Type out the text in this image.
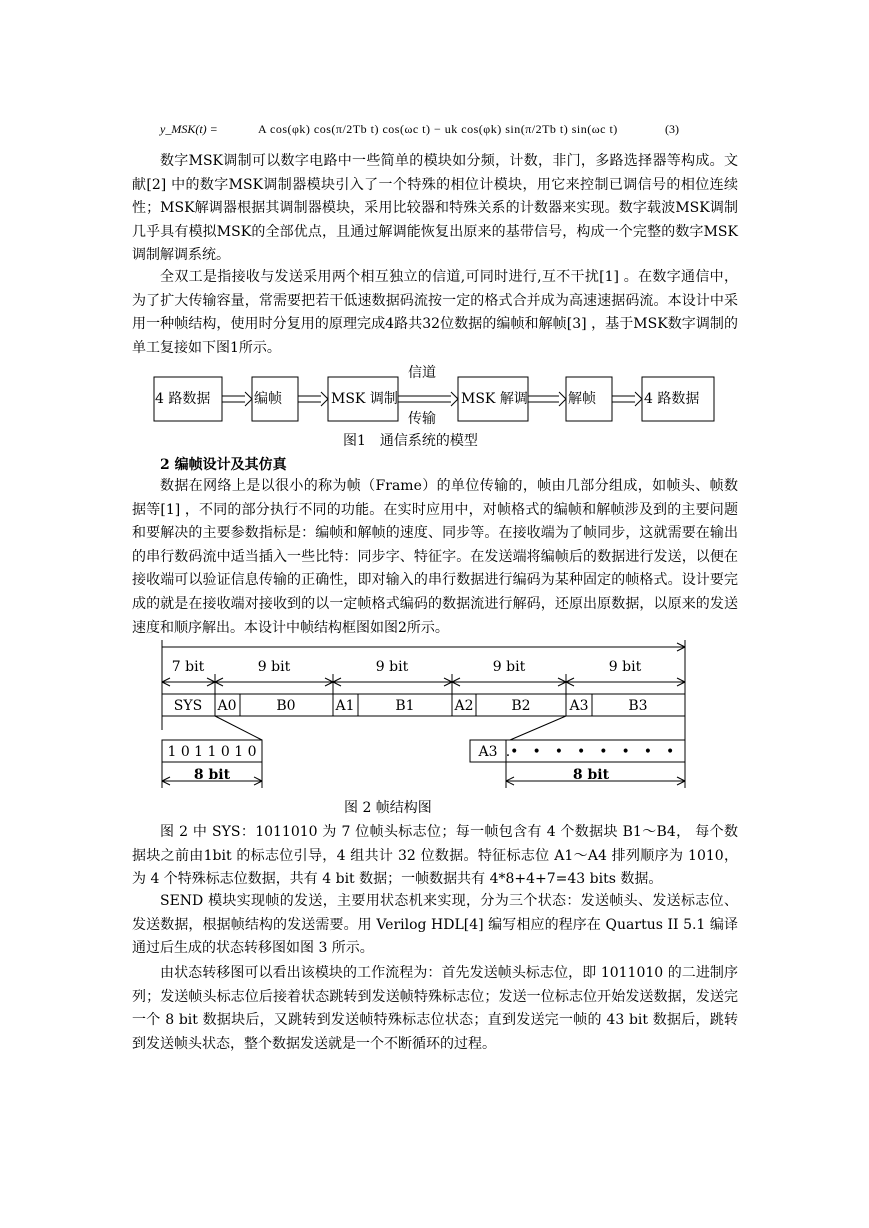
y_MSK(t) =	A cos(φk) cos(π/2Tb t) cos(ωc t) − uk cos(φk) sin(π/2Tb t) sin(ωc t)	(3)

数字MSK调制可以数字电路中一些简单的模块如分频，计数，非门，多路选择器等构成。文献[2] 中的数字MSK调制器模块引入了一个特殊的相位计模块，用它来控制已调信号的相位连续性；MSK解调器根据其调制器模块，采用比较器和特殊关系的计数器来实现。数字载波MSK调制几乎具有模拟MSK的全部优点，且通过解调能恢复出原来的基带信号，构成一个完整的数字MSK调制解调系统。

全双工是指接收与发送采用两个相互独立的信道,可同时进行,互不干扰[1] 。在数字通信中，为了扩大传输容量，常需要把若干低速数据码流按一定的格式合并成为高速速据码流。本设计中采用一种帧结构，使用时分复用的原理完成4路共32位数据的编帧和解帧[3] ，基于MSK数字调制的单工复接如下图1所示。

4 路数据	编帧	MSK 调制	MSK 解调	解帧	4 路数据
信道
传输
图1　通信系统的模型
2 编帧设计及其仿真

数据在网络上是以很小的称为帧（Frame）的单位传输的，帧由几部分组成，如帧头、帧数据等[1] ，不同的部分执行不同的功能。在实时应用中，对帧格式的编帧和解帧涉及到的主要问题和要解决的主要参数指标是：编帧和解帧的速度、同步等。在接收端为了帧同步，这就需要在输出的串行数码流中适当插入一些比特：同步字、特征字。在发送端将编帧后的数据进行发送，以便在接收端可以验证信息传输的正确性，即对输入的串行数据进行编码为某种固定的帧格式。设计要完成的就是在接收端对接收到的以一定帧格式编码的数据流进行解码，还原出原数据，以原来的发送速度和顺序解出。本设计中帧结构框图如图2所示。

7 bit	9 bit	9 bit	9 bit	9 bit
SYS A0	B0	A1	B1	A2	B2	A3	B3
1 0 1 1 0 1 0
8 bit
A3 .•　•　•　•　•　•　•　•
8 bit
图 2 帧结构图

图 2 中 SYS：1011010 为 7 位帧头标志位；每一帧包含有 4 个数据块 B1～B4， 每个数据块之前由1bit 的标志位引导，4 组共计 32 位数据。特征标志位 A1～A4 排列顺序为 1010，为 4 个特殊标志位数据，共有 4 bit 数据；一帧数据共有 4*8+4+7=43 bits 数据。

SEND 模块实现帧的发送，主要用状态机来实现，分为三个状态：发送帧头、发送标志位、发送数据，根据帧结构的发送需要。用 Verilog HDL[4] 编写相应的程序在 Quartus II 5.1 编译通过后生成的状态转移图如图 3 所示。

由状态转移图可以看出该模块的工作流程为：首先发送帧头标志位，即 1011010 的二进制序列；发送帧头标志位后接着状态跳转到发送帧特殊标志位；发送一位标志位开始发送数据，发送完一个 8 bit 数据块后，又跳转到发送帧特殊标志位状态；直到发送完一帧的 43 bit 数据后，跳转到发送帧头状态，整个数据发送就是一个不断循环的过程。
